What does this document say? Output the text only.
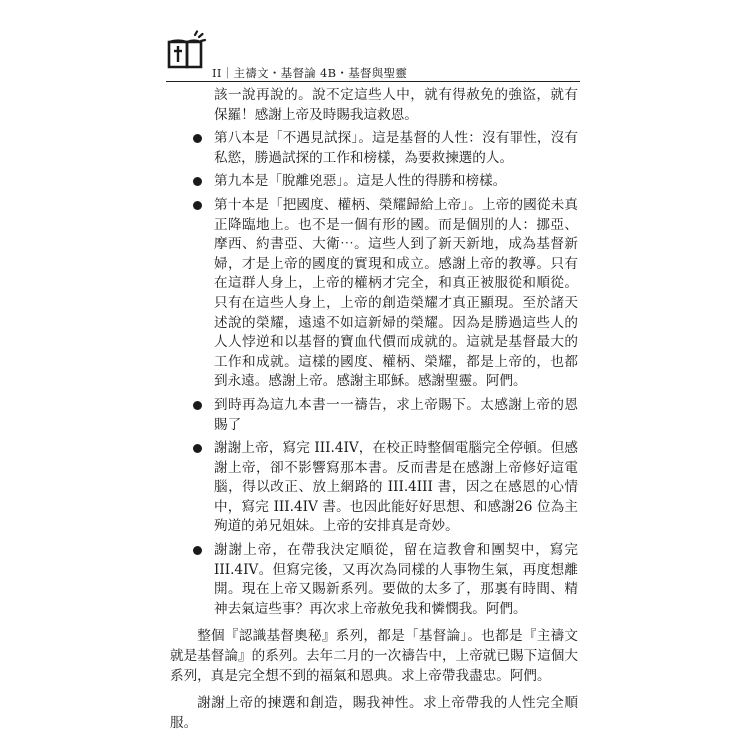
II｜主禱文・基督論 4B・基督與聖靈

該一說再說的。說不定這些人中，就有得赦免的強盜，就有保羅！感謝上帝及時賜我這救恩。

第八本是「不遇見試探」。這是基督的人性：沒有罪性，沒有私慾，勝過試探的工作和榜樣，為要救揀選的人。
第九本是「脫離兇惡」。這是人性的得勝和榜樣。
第十本是「把國度、權柄、榮耀歸給上帝」。上帝的國從未真正降臨地上。也不是一個有形的國。而是個別的人：挪亞、摩西、約書亞、大衛⋯。這些人到了新天新地，成為基督新婦，才是上帝的國度的實現和成立。感謝上帝的教導。只有在這群人身上，上帝的權柄才完全，和真正被服從和順從。只有在這些人身上，上帝的創造榮耀才真正顯現。至於諸天述說的榮耀，遠遠不如這新婦的榮耀。因為是勝過這些人的人人悖逆和以基督的寶血代價而成就的。這就是基督最大的工作和成就。這樣的國度、權柄、榮耀，都是上帝的，也都到永遠。感謝上帝。感謝主耶穌。感謝聖靈。阿們。
到時再為這九本書一一禱告，求上帝賜下。太感謝上帝的恩賜了
謝謝上帝，寫完 III.4IV，在校正時整個電腦完全停頓。但感謝上帝，卻不影響寫那本書。反而書是在感謝上帝修好這電腦，得以改正、放上網路的 III.4III 書，因之在感恩的心情中，寫完 III.4IV 書。也因此能好好思想、和感謝26 位為主殉道的弟兄姐妹。上帝的安排真是奇妙。
謝謝上帝，在帶我決定順從，留在這教會和團契中，寫完III.4IV。但寫完後，又再次為同樣的人事物生氣，再度想離開。現在上帝又賜新系列。要做的太多了，那裏有時間、精神去氣這些事？再次求上帝赦免我和憐憫我。阿們。

整個『認識基督奧秘』系列，都是「基督論」。也都是『主禱文就是基督論』的系列。去年二月的一次禱告中，上帝就已賜下這個大系列，真是完全想不到的福氣和恩典。求上帝帶我盡忠。阿們。

謝謝上帝的揀選和創造，賜我神性。求上帝帶我的人性完全順服。
